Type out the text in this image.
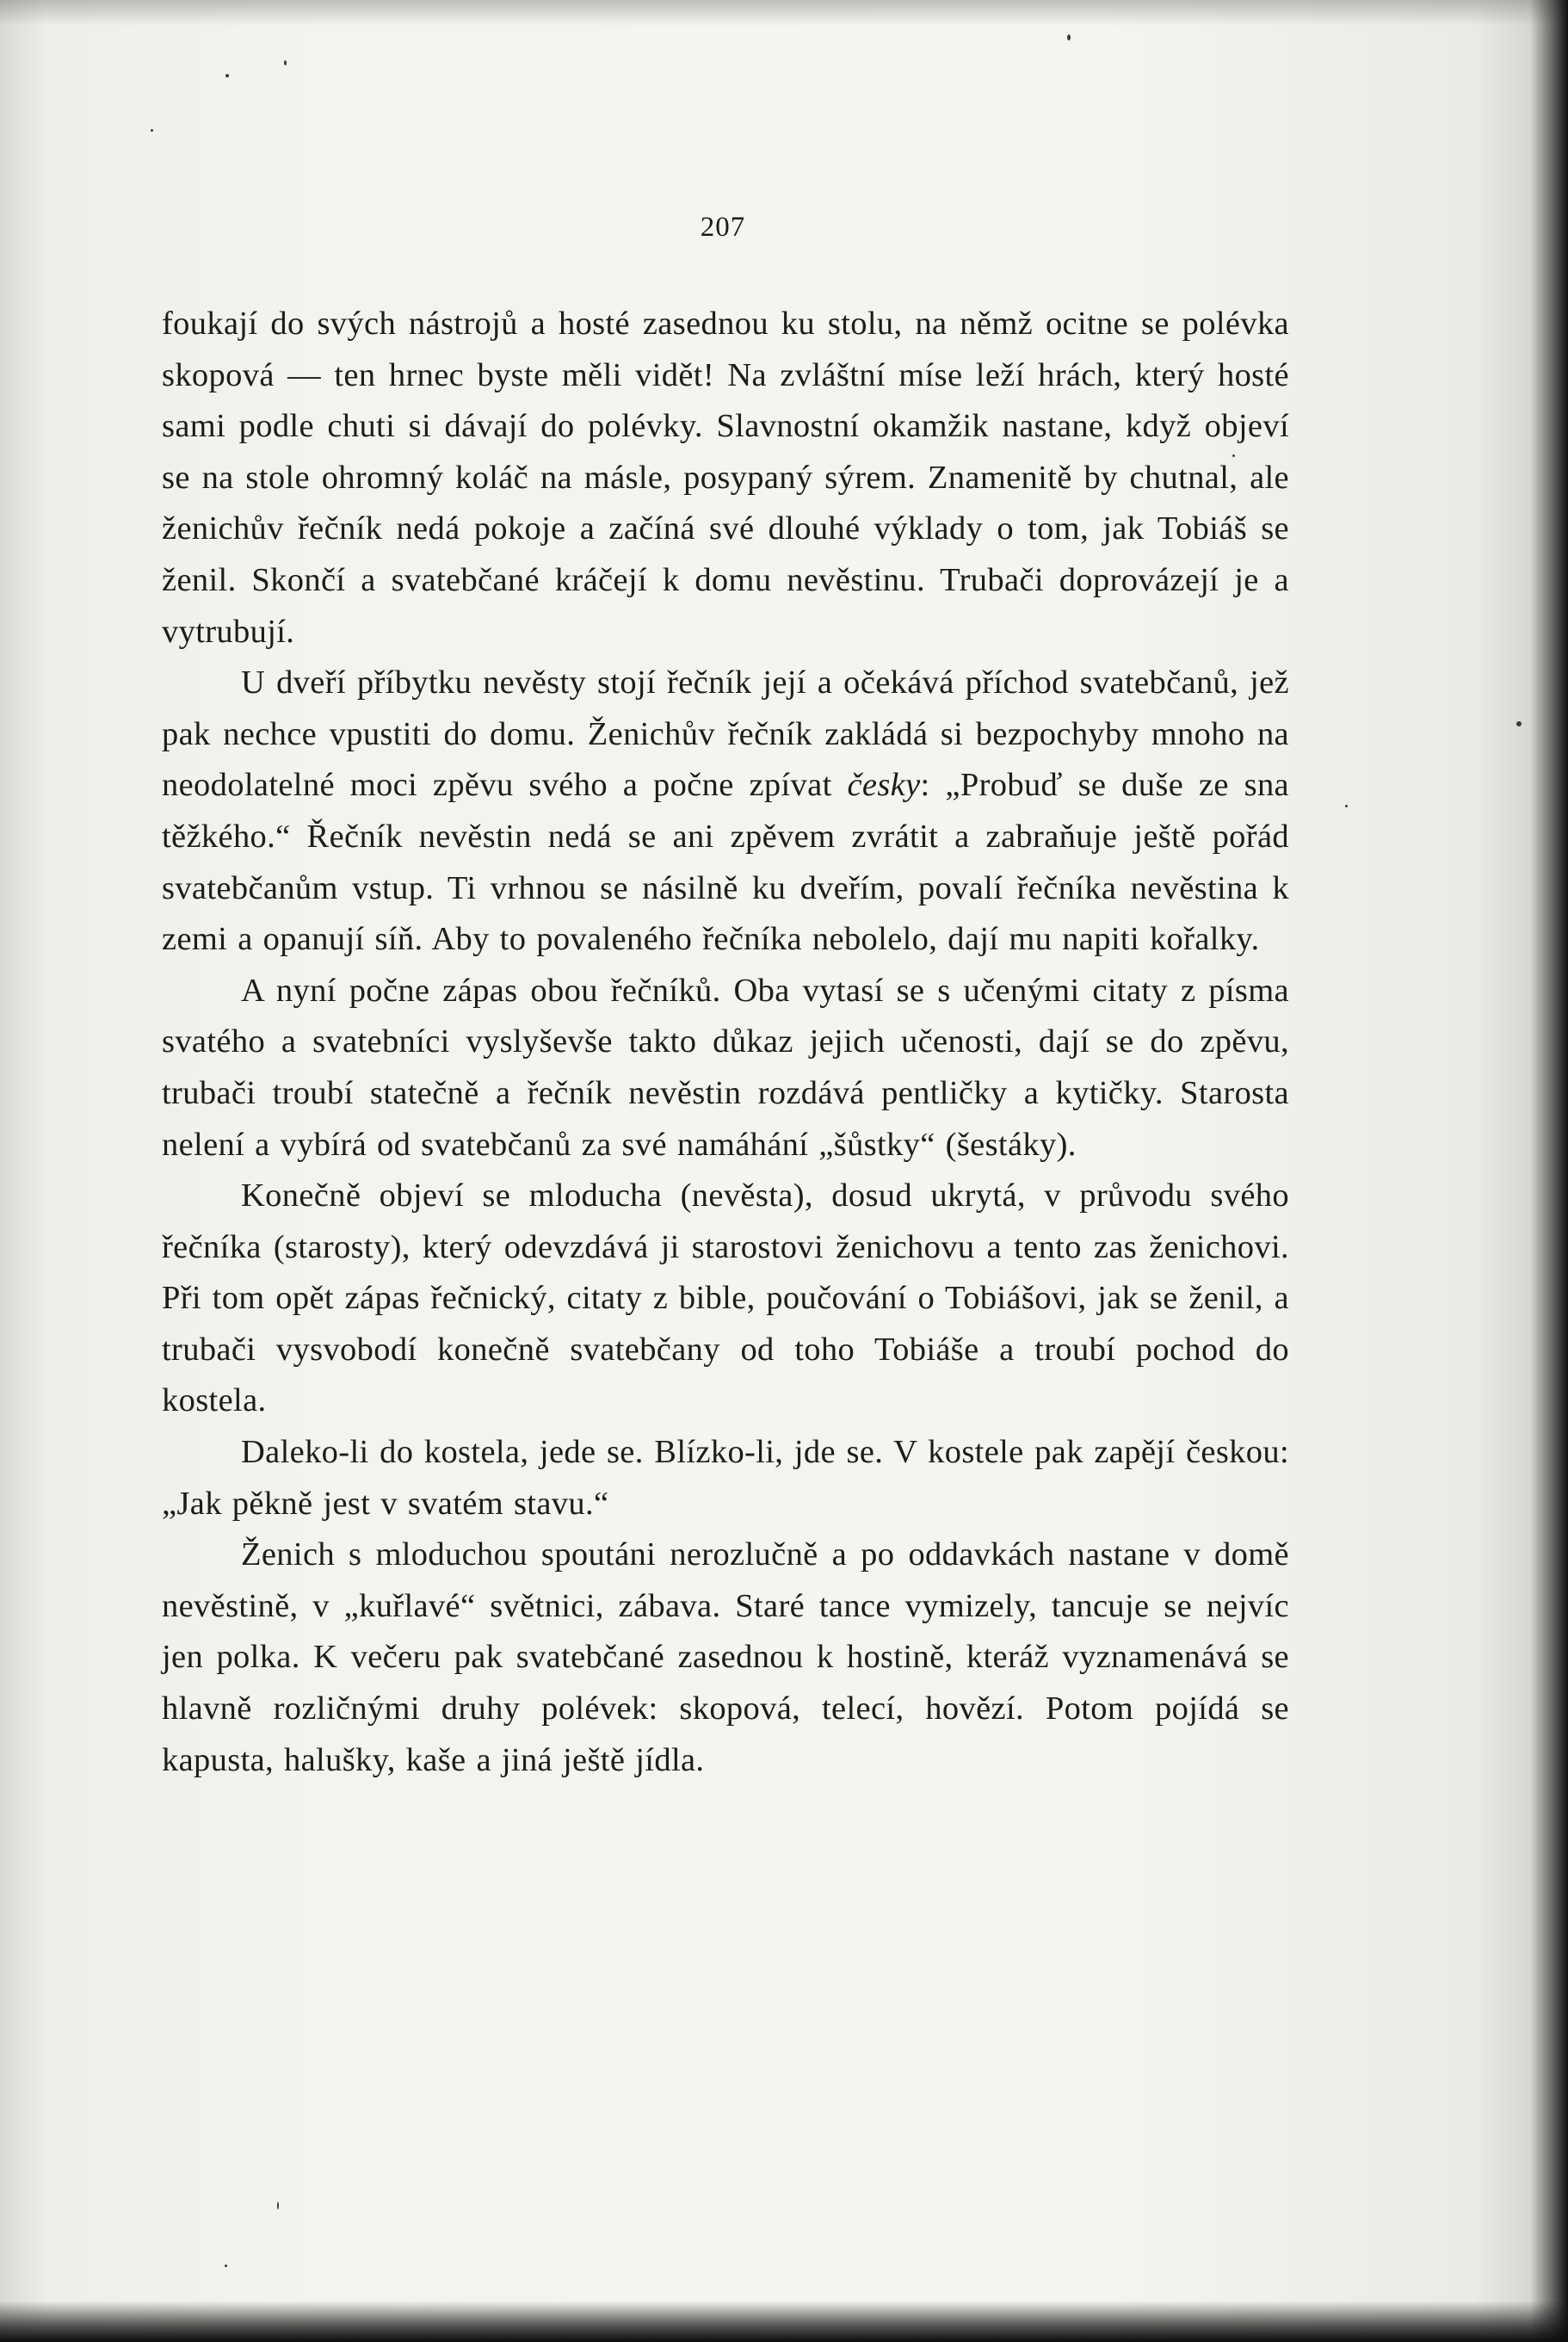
207

foukají do svých nástrojů a hosté zasednou ku stolu, na němž ocitne se polévka skopová — ten hrnec byste měli vidět! Na zvláštní míse leží hrách, který hosté sami podle chuti si dávají do polévky. Slavnostní okamžik nastane, když objeví se na stole ohromný koláč na másle, posypaný sýrem. Znamenitě by chutnal, ale ženichův řečník nedá pokoje a začíná své dlouhé výklady o tom, jak Tobiáš se ženil. Skončí a svatebčané kráčejí k domu nevěstinu. Trubači doprovázejí je a vytrubují.

U dveří příbytku nevěsty stojí řečník její a očekává příchod svatebčanů, jež pak nechce vpustiti do domu. Ženichův řečník zakládá si bezpochyby mnoho na neodolatelné moci zpěvu svého a počne zpívat česky: „Probuď se duše ze sna těžkého.“ Řečník nevěstin nedá se ani zpěvem zvrátit a zabraňuje ještě pořád svatebčanům vstup. Ti vrhnou se násilně ku dveřím, povalí řečníka nevěstina k zemi a opanují síň. Aby to povaleného řečníka nebolelo, dají mu napiti kořalky.

A nyní počne zápas obou řečníků. Oba vytasí se s učenými citaty z písma svatého a svatebníci vyslyševše takto důkaz jejich učenosti, dají se do zpěvu, trubači troubí statečně a řečník nevěstin rozdává pentličky a kytičky. Starosta nelení a vybírá od svatebčanů za své namáhání „šůstky“ (šestáky).

Konečně objeví se mloducha (nevěsta), dosud ukrytá, v průvodu svého řečníka (starosty), který odevzdává ji starostovi ženichovu a tento zas ženichovi. Při tom opět zápas řečnický, citaty z bible, poučování o Tobiášovi, jak se ženil, a trubači vysvobodí konečně svatebčany od toho Tobiáše a troubí pochod do kostela.

Daleko-li do kostela, jede se. Blízko-li, jde se. V kostele pak zapějí českou: „Jak pěkně jest v svatém stavu.“

Ženich s mloduchou spoutáni nerozlučně a po oddavkách nastane v domě nevěstině, v „kuřlavé“ světnici, zábava. Staré tance vymizely, tancuje se nejvíc jen polka. K večeru pak svatebčané zasednou k hostině, kteráž vyznamenává se hlavně rozličnými druhy polévek: skopová, telecí, hovězí. Potom pojídá se kapusta, halušky, kaše a jiná ještě jídla.
